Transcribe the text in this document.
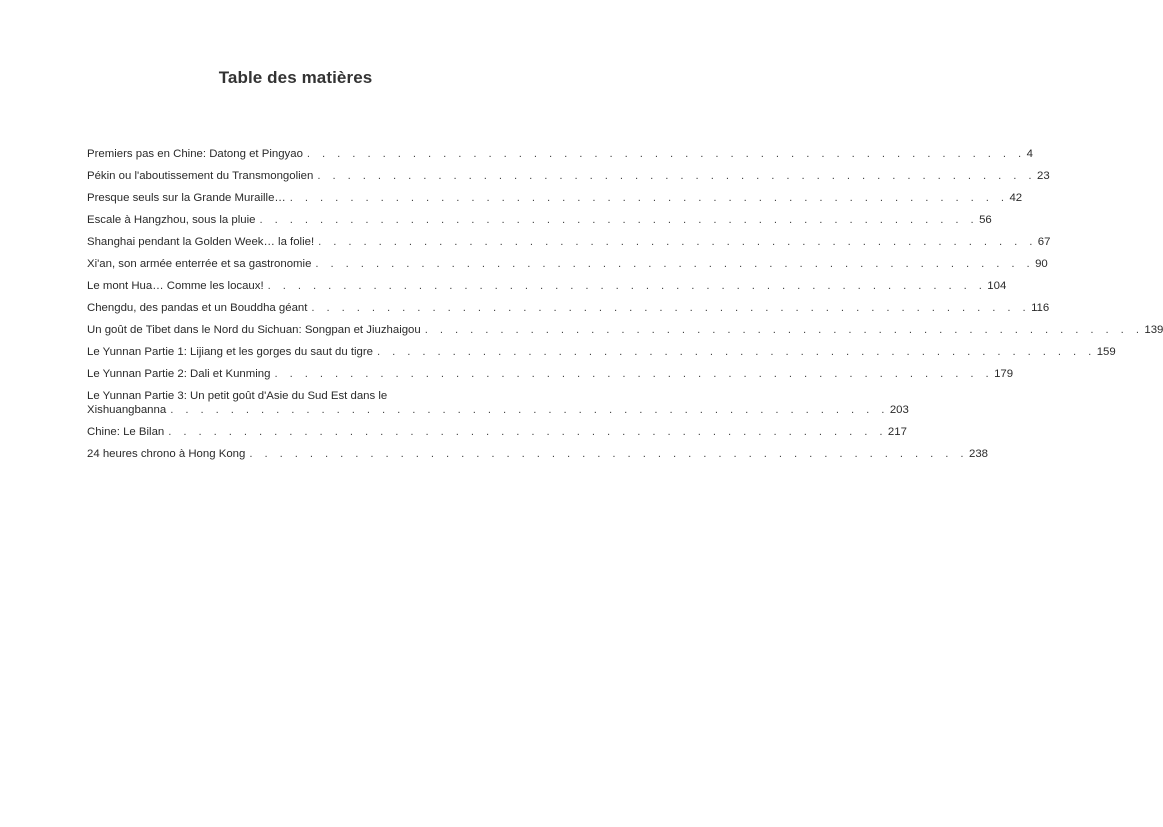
Table des matières
Premiers pas en Chine: Datong et Pingyao . . . . . . . . . . . . . . . . . . . . . . . . . . . . . . . . . . . . . . . . . . . . . . . . 4
Pékin ou l'aboutissement du Transmongolien . . . . . . . . . . . . . . . . . . . . . . . . . . . . . . . . . . . . . . . . . . . . . . . . 23
Presque seuls sur la Grande Muraille… . . . . . . . . . . . . . . . . . . . . . . . . . . . . . . . . . . . . . . . . . . . . . . . . 42
Escale à Hangzhou, sous la pluie . . . . . . . . . . . . . . . . . . . . . . . . . . . . . . . . . . . . . . . . . . . . . . . . 56
Shanghai pendant la Golden Week… la folie! . . . . . . . . . . . . . . . . . . . . . . . . . . . . . . . . . . . . . . . . . . . . . . . . 67
Xi'an, son armée enterrée et sa gastronomie . . . . . . . . . . . . . . . . . . . . . . . . . . . . . . . . . . . . . . . . . . . . . . . . 90
Le mont Hua… Comme les locaux! . . . . . . . . . . . . . . . . . . . . . . . . . . . . . . . . . . . . . . . . . . . . . . . . 104
Chengdu, des pandas et un Bouddha géant . . . . . . . . . . . . . . . . . . . . . . . . . . . . . . . . . . . . . . . . . . . . . . . . 116
Un goût de Tibet dans le Nord du Sichuan: Songpan et Jiuzhaigou . . . . . . . . . . . . . . . . . . . . . . . . . . . . . . . . . . . . . . . . . . . . . . . . 139
Le Yunnan Partie 1: Lijiang et les gorges du saut du tigre . . . . . . . . . . . . . . . . . . . . . . . . . . . . . . . . . . . . . . . . . . . . . . . . 159
Le Yunnan Partie 2: Dali et Kunming . . . . . . . . . . . . . . . . . . . . . . . . . . . . . . . . . . . . . . . . . . . . . . . . 179
Le Yunnan Partie 3: Un petit goût d'Asie du Sud Est dans le
Xishuangbanna . . . . . . . . . . . . . . . . . . . . . . . . . . . . . . . . . . . . . . . . . . . . . . . . 203
Chine: Le Bilan . . . . . . . . . . . . . . . . . . . . . . . . . . . . . . . . . . . . . . . . . . . . . . . . 217
24 heures chrono à Hong Kong . . . . . . . . . . . . . . . . . . . . . . . . . . . . . . . . . . . . . . . . . . . . . . . . 238
